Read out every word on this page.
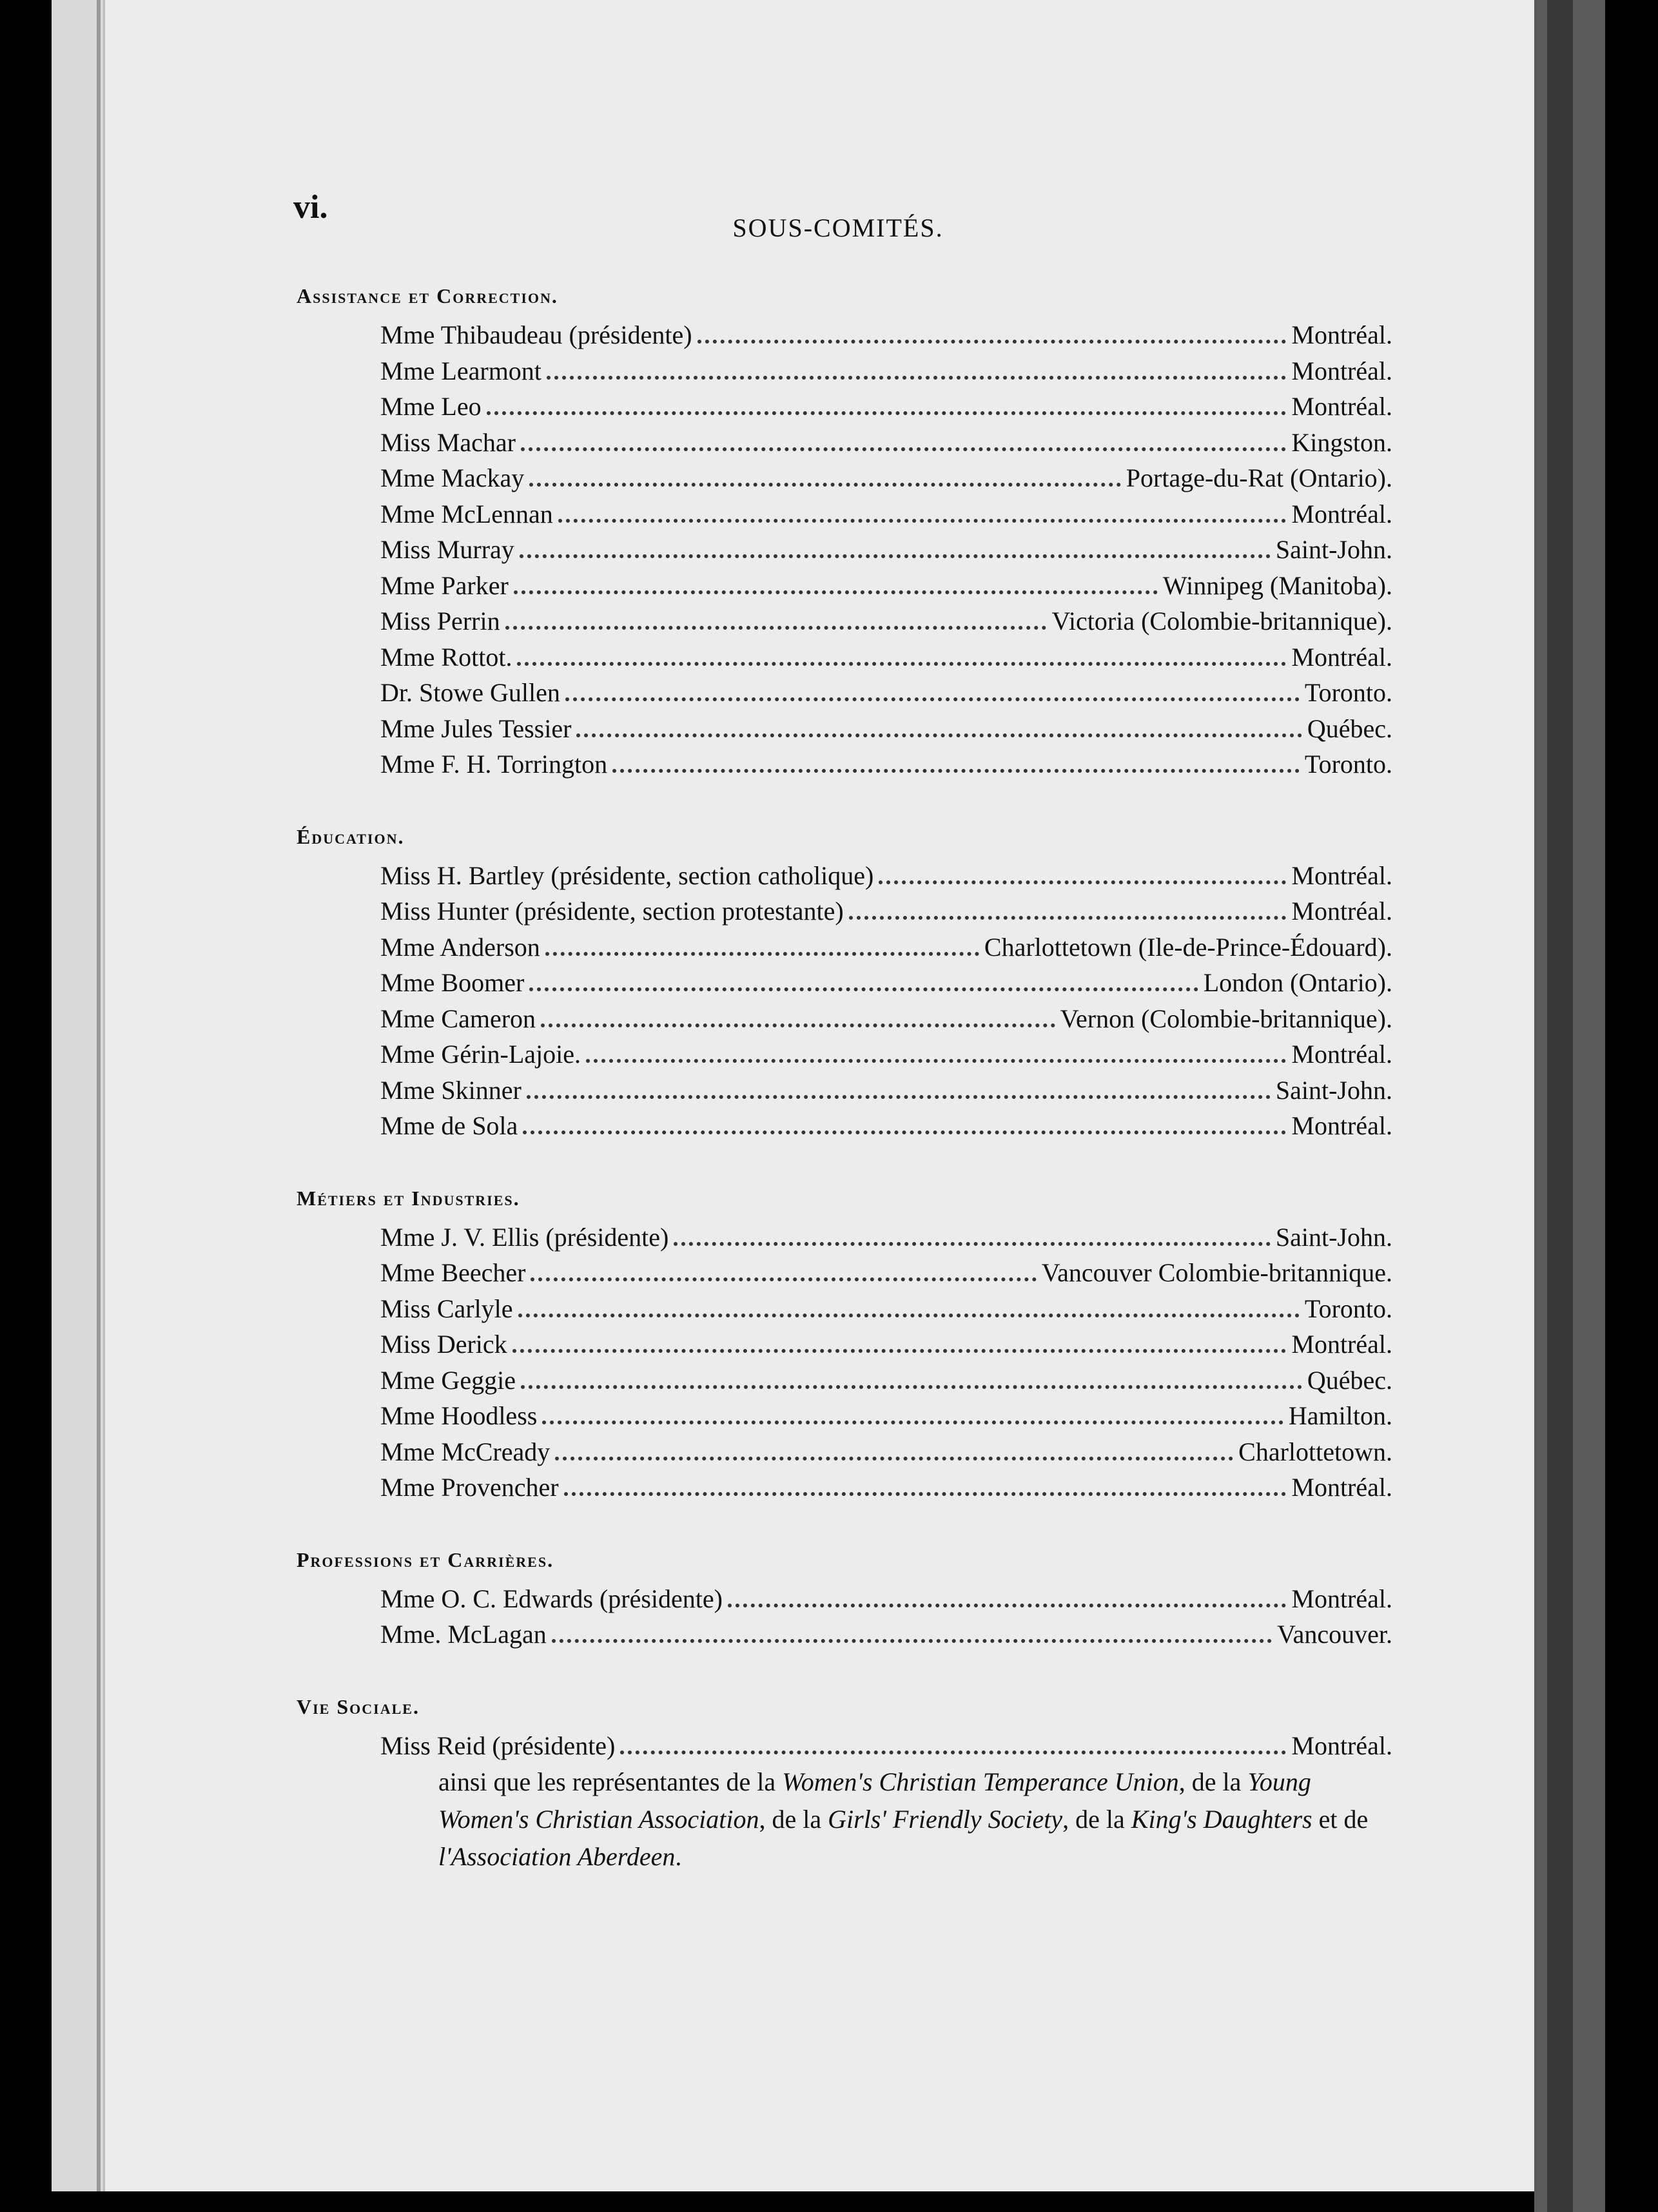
vi.
SOUS-COMITÉS.
Assistance et Correction.
Mme Thibaudeau (présidente)	Montréal.
Mme Learmont	Montréal.
Mme Leo	Montréal.
Miss Machar	Kingston.
Mme Mackay	Portage-du-Rat (Ontario).
Mme McLennan	Montréal.
Miss Murray	Saint-John.
Mme Parker	Winnipeg (Manitoba).
Miss Perrin	Victoria (Colombie-britannique).
Mme Rottot.	Montréal.
Dr. Stowe Gullen	Toronto.
Mme Jules Tessier	Québec.
Mme F. H. Torrington	Toronto.
Éducation.
Miss H. Bartley (présidente, section catholique)	Montréal.
Miss Hunter (présidente, section protestante)	Montréal.
Mme Anderson	Charlottetown (Ile-de-Prince-Édouard).
Mme Boomer	London (Ontario).
Mme Cameron	Vernon (Colombie-britannique).
Mme Gérin-Lajoie.	Montréal.
Mme Skinner	Saint-John.
Mme de Sola	Montréal.
Métiers et Industries.
Mme J. V. Ellis (présidente)	Saint-John.
Mme Beecher	Vancouver Colombie-britannique.
Miss Carlyle	Toronto.
Miss Derick	Montréal.
Mme Geggie	Québec.
Mme Hoodless	Hamilton.
Mme McCready	Charlottetown.
Mme Provencher	Montréal.
Professions et Carrières.
Mme O. C. Edwards (présidente)	Montréal.
Mme. McLagan	Vancouver.
Vie Sociale.
Miss Reid (présidente)	Montréal.
ainsi que les représentantes de la Women's Christian Temperance Union, de la Young Women's Christian Association, de la Girls' Friendly Society, de la King's Daughters et de l'Association Aberdeen.
